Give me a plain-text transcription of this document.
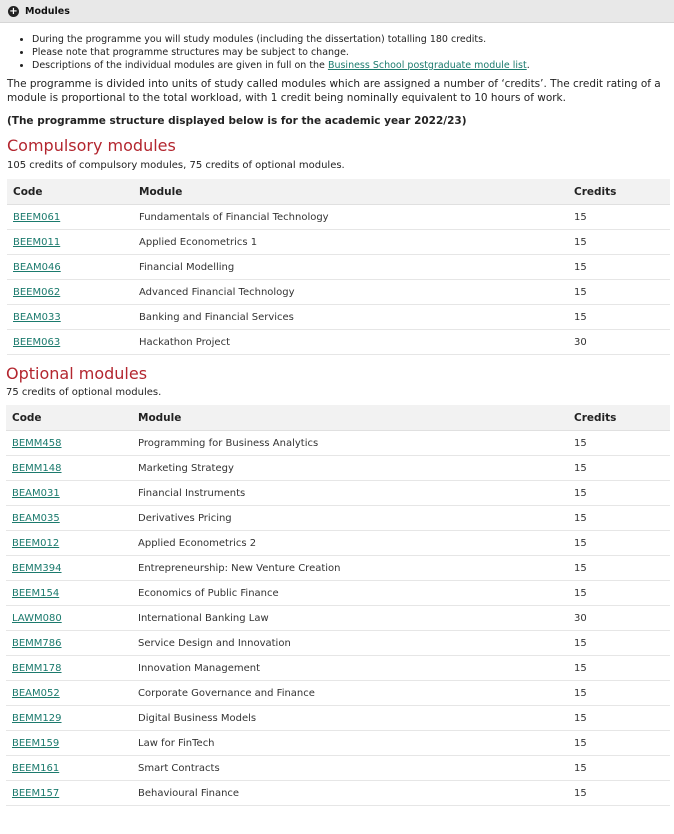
+ Modules
• During the programme you will study modules (including the dissertation) totalling 180 credits.
• Please note that programme structures may be subject to change.
• Descriptions of the individual modules are given in full on the Business School postgraduate module list.

The programme is divided into units of study called modules which are assigned a number of ‘credits’. The credit rating of a module is proportional to the total workload, with 1 credit being nominally equivalent to 10 hours of work.

(The programme structure displayed below is for the academic year 2022/23)

Compulsory modules
105 credits of compulsory modules, 75 credits of optional modules.
Code	Module	Credits
BEEM061	Fundamentals of Financial Technology	15
BEEM011	Applied Econometrics 1	15
BEAM046	Financial Modelling	15
BEEM062	Advanced Financial Technology	15
BEAM033	Banking and Financial Services	15
BEEM063	Hackathon Project	30
Optional modules
75 credits of optional modules.
Code	Module	Credits
BEMM458	Programming for Business Analytics	15
BEMM148	Marketing Strategy	15
BEAM031	Financial Instruments	15
BEAM035	Derivatives Pricing	15
BEEM012	Applied Econometrics 2	15
BEMM394	Entrepreneurship: New Venture Creation	15
BEEM154	Economics of Public Finance	15
LAWM080	International Banking Law	30
BEMM786	Service Design and Innovation	15
BEMM178	Innovation Management	15
BEAM052	Corporate Governance and Finance	15
BEMM129	Digital Business Models	15
BEEM159	Law for FinTech	15
BEEM161	Smart Contracts	15
BEEM157	Behavioural Finance	15
